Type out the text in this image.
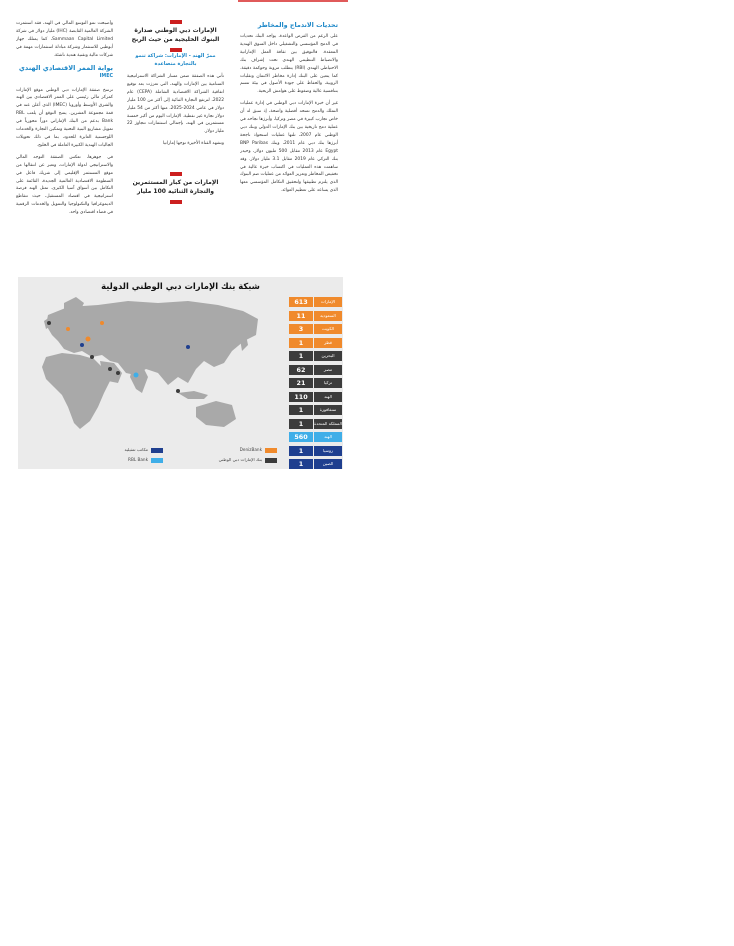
تحديات الاندماج والمخاطر

على الرغم من الفرص الواعدة، يواجه البنك تحديات في الدمج المؤسسي والتشغيلي داخل السوق الهندية المعقدة. فالتوفيق بين ثقافة العمل الإماراتية والانضباط التنظيمي الهندي تحت إشراف بنك الاحتياطي الهندي (RBI) يتطلب مرونة وحوكمة دقيقة. كما يتعين على البنك إدارة مخاطر الائتمان وتقلبات الروبية، والحفاظ على جودة الأصول في بيئة تتسم بتنافسية عالية وضغوط على هوامش الربحية.

غير أن خبرة الإمارات دبي الوطني في إدارة عمليات التملك والدمج تمنحه أفضلية واضحة، إذ سبق له أن خاض تجارب كبيرة في مصر وتركيا، وأبرزها نجاحه في عملية دمج تاريخية بين بنك الإمارات الدولي وبنك دبي الوطني عام 2007، تلتها عمليات استحواذ ناجحة أبرزها بنك دبي عام 2011، وبنك BNP Paribas Egypt عام 2013 مقابل 500 مليون دولار، وحيدر بنك التركي عام 2019 مقابل 3.1 مليار دولار. وقد ساهمت هذه العمليات في اكتساب خبرة عالية في تخفيض المخاطر وتعزيز العوائد من عمليات ضم البنوك الذي يلتزم تطبيقها ولتحقيق التكامل المؤسسي معها الذي يساعد على تعظيم العوائد.

الإمارات دبي الوطني صدارة البنوك الخليجية من حيث الربح
ممرّ الهند - الإمارات: شراكة تنمو بالتجارة متصاعدة

تأتي هذه الصفقة ضمن مسار الشراكة الاستراتيجية المتنامية بين الإمارات والهند، التي تعززت بعد توقيع اتفاقية الشراكة الاقتصادية الشاملة (CEPA) عام 2022، لترتفع التجارة الثنائية إلى أكثر من 100 مليار دولار في عامي 2024-2025، منها أكثر من 54 مليار دولار تجارة غير نفطية. الإمارات اليوم من أكبر خمسة مستثمرين في الهند، بإجمالي استثمارات تتجاوز 22 مليار دولار.

وتشهد القناة الأخيرة توجها إماراتيا

الإمارات من كبار المستثمرين والتجارة الثنائية 100 مليار

وأصبحت نمو التوسع المالي في الهند، فقد استثمرت الشركة العالمية القابضة (IHC) مليار دولار في شركة Sammaan Capital Limited، كما يمتلك جهاز أبوظبي للاستثمار وشركة مبادلة استثمارات مهمة في شركات مالية وتقنية هندية ناشئة.

بوابة الممر الاقتصادي الهندي
IMEC

ترسخ صفقة الإمارات دبي الوطني موقع الإمارات كمركز مالي رئيسي على الممر الاقتصادي بين الهند والشرق الأوسط وأوروبا (IMEC) الذي أعلن عنه في قمة مجموعة العشرين. يمنح التوقع أن يلعب RBL Bank بدعم من البنك الإماراتي دوراً محورياً في تمويل مشاريع البنية التحتية وتمكين التجارة والخدمات اللوجستية العابرة للحدود، بما في ذلك تحويلات الجاليات الهندية الكبيرة العاملة في الخليج.

في جوهرها، تعكس الصفقة التوجه المالي والاستراتيجي لدولة الإمارات، وتعبر عن انتقالها من موقع المستثمر الإقليمي إلى شريك فاعل في المنظومة الاقتصادية العالمية الجديدة، القائمة على التكامل بين أسواق آسيا الكبرى. تمثل الهند فرصة استراتيجية في اقتصاد المستقبل، حيث تتقاطع الديموغرافيا والتكنولوجيا والتمويل والخدمات الرقمية في فضاء اقتصادي واحد.

شبكة بنك الإمارات دبي الوطني الدولية
613	الإمارات
11	السعودية
3	الكويت
1	قطر
1	البحرين
62	مصر
21	تركيا
110	الهند
1	سنغافورة
1	المملكة المتحدة
560	الهند
1	روسيا
1	الصين
DenizBank
بنك الإمارات دبي الوطني
مكاتب تمثيلية
RBL Bank
